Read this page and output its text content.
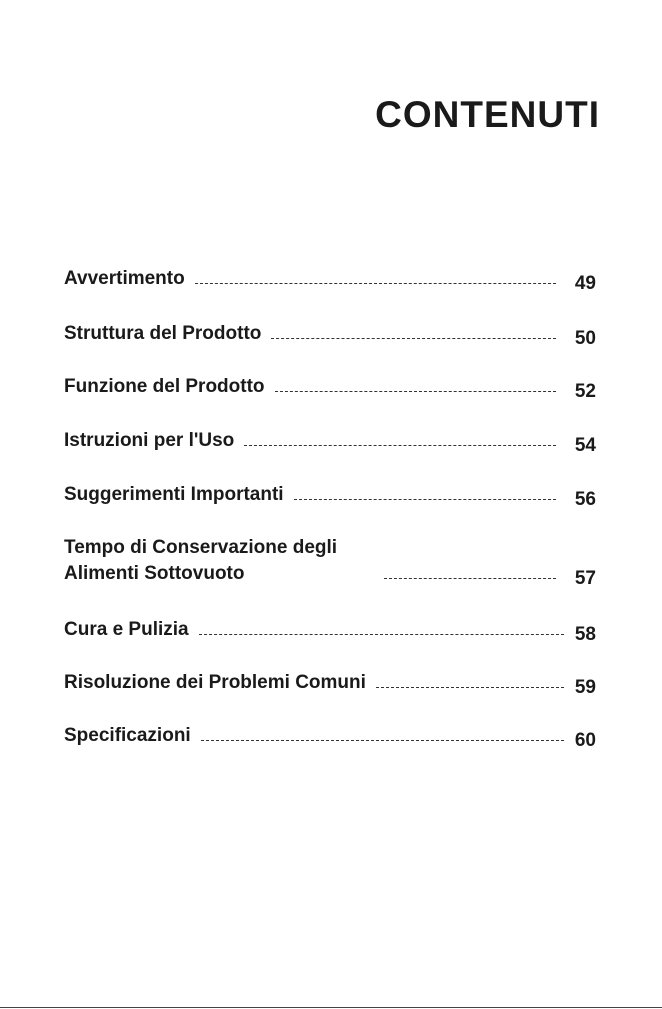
CONTENUTI
Avvertimento	49
Struttura del Prodotto	50
Funzione del Prodotto	52
Istruzioni per l'Uso	54
Suggerimenti Importanti	56
Tempo di Conservazione degli
Alimenti Sottovuoto	57
Cura e Pulizia	58
Risoluzione dei Problemi Comuni	59
Specificazioni	60
